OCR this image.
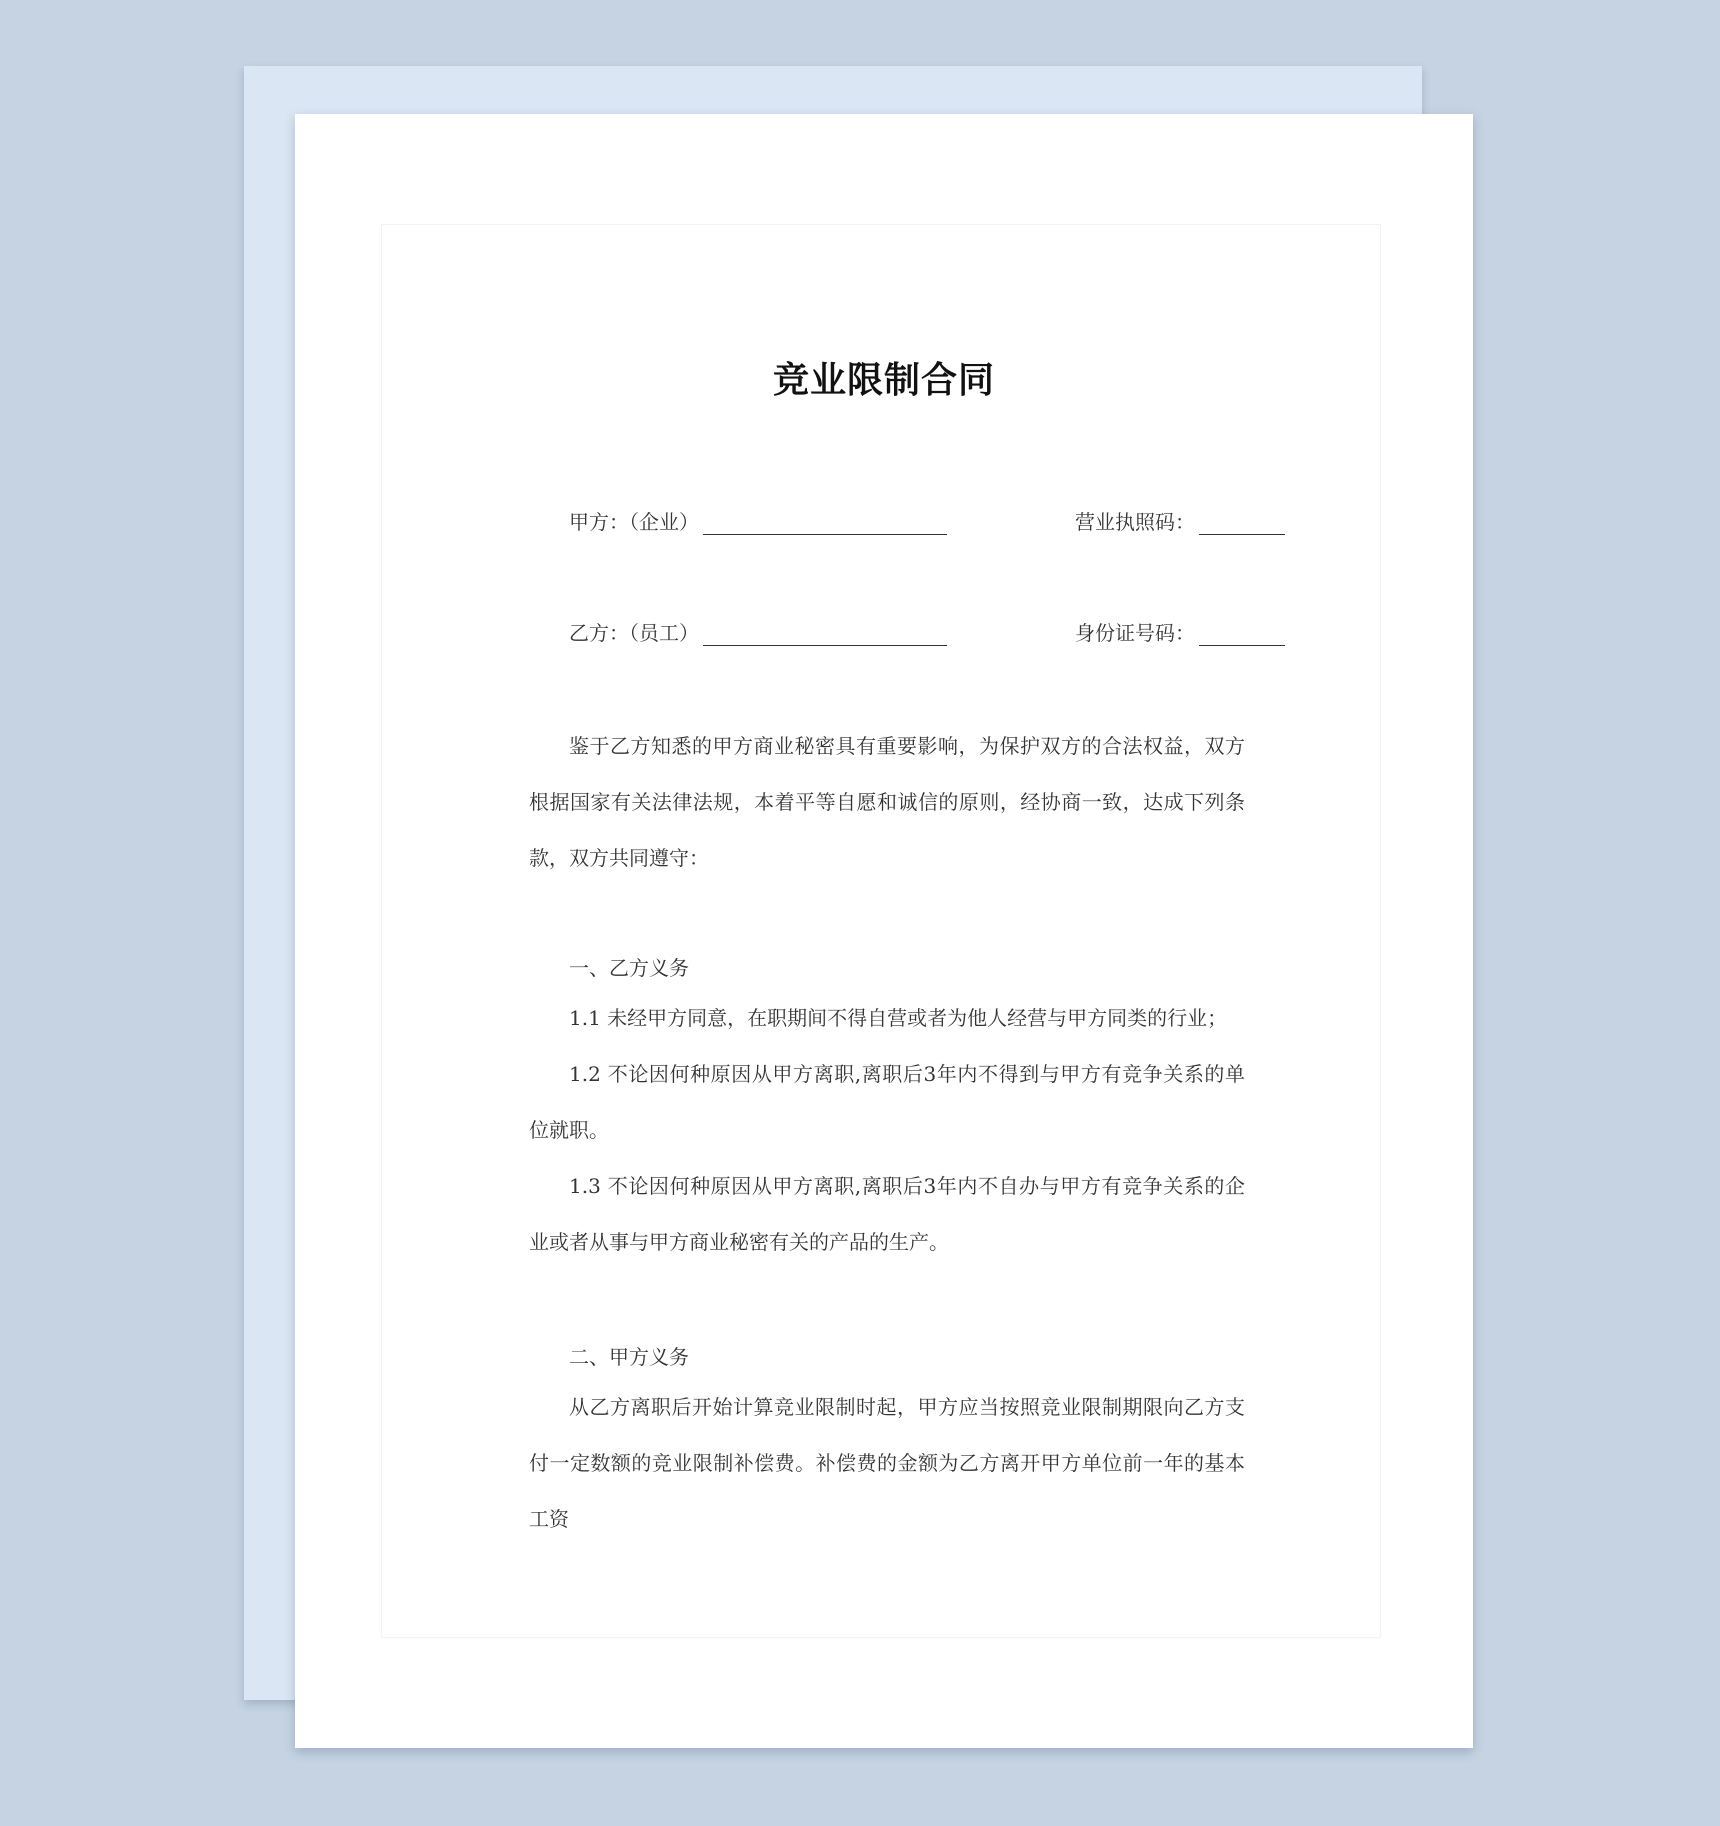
竞业限制合同
甲方：（企业）	营业执照码：
乙方：（员工）	身份证号码：

鉴于乙方知悉的甲方商业秘密具有重要影响，为保护双方的合法权益，双方根据国家有关法律法规，本着平等自愿和诚信的原则，经协商一致，达成下列条款，双方共同遵守：

一、乙方义务

1.1 未经甲方同意，在职期间不得自营或者为他人经营与甲方同类的行业；

1.2 不论因何种原因从甲方离职,离职后3年内不得到与甲方有竞争关系的单位就职。

1.3 不论因何种原因从甲方离职,离职后3年内不自办与甲方有竞争关系的企业或者从事与甲方商业秘密有关的产品的生产。

二、甲方义务

从乙方离职后开始计算竞业限制时起，甲方应当按照竞业限制期限向乙方支付一定数额的竞业限制补偿费。补偿费的金额为乙方离开甲方单位前一年的基本工资
